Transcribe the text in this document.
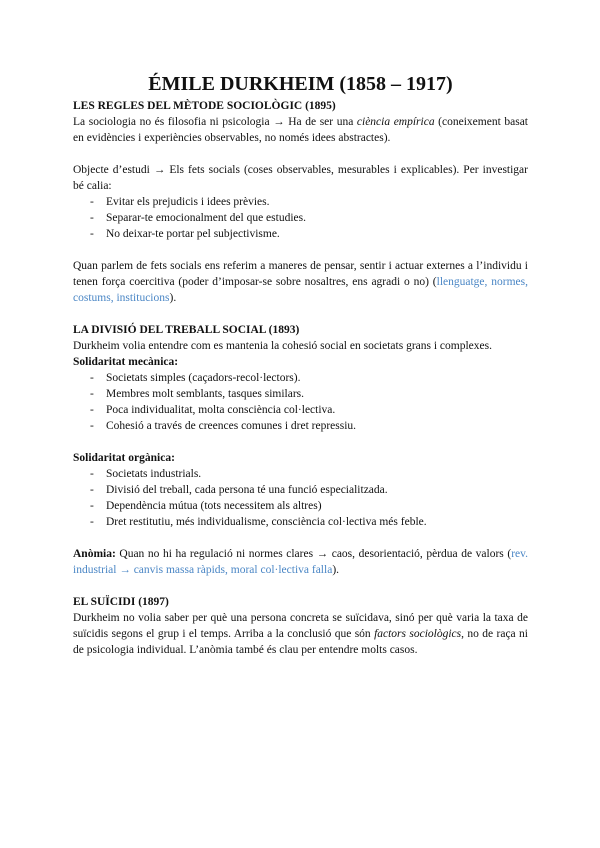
ÉMILE DURKHEIM (1858 – 1917)
LES REGLES DEL MÈTODE SOCIOLÒGIC (1895)

La sociologia no és filosofia ni psicologia → Ha de ser una ciència empírica (coneixement basat en evidències i experiències observables, no només idees abstractes).

Objecte d’estudi → Els fets socials (coses observables, mesurables i explicables). Per investigar bé calia:

- Evitar els prejudicis i idees prèvies.
- Separar-te emocionalment del que estudies.
- No deixar-te portar pel subjectivisme.

Quan parlem de fets socials ens referim a maneres de pensar, sentir i actuar externes a l’individu i tenen força coercitiva (poder d’imposar-se sobre nosaltres, ens agradi o no) (llenguatge, normes, costums, institucions).

LA DIVISIÓ DEL TREBALL SOCIAL (1893)

Durkheim volia entendre com es mantenia la cohesió social en societats grans i complexes.

Solidaritat mecànica:
- Societats simples (caçadors-recol·lectors).
- Membres molt semblants, tasques similars.
- Poca individualitat, molta consciència col·lectiva.
- Cohesió a través de creences comunes i dret repressiu.
Solidaritat orgànica:
- Societats industrials.
- Divisió del treball, cada persona té una funció especialitzada.
- Dependència mútua (tots necessitem als altres)
- Dret restitutiu, més individualisme, consciència col·lectiva més feble.

Anòmia: Quan no hi ha regulació ni normes clares → caos, desorientació, pèrdua de valors (rev. industrial → canvis massa ràpids, moral col·lectiva falla).

EL SUÏCIDI (1897)

Durkheim no volia saber per què una persona concreta se suïcidava, sinó per què varia la taxa de suïcidis segons el grup i el temps. Arriba a la conclusió que són factors sociològics, no de raça ni de psicologia individual. L’anòmia també és clau per entendre molts casos.
